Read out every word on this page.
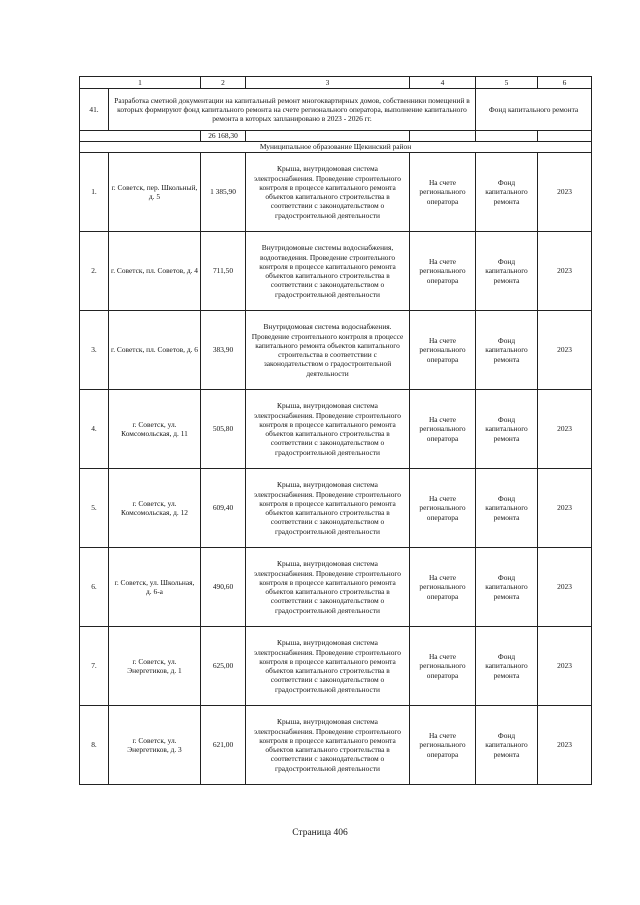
1		2	3	4	5	6
41.	Разработка сметной документации на капитальный ремонт многоквартирных домов, собственники помещений в которых формируют фонд капитального ремонта на счете регионального оператора, выполнение капитального ремонта в которых запланировано в 2023 - 2026 гг.				Фонд капитального ремонта	
		26 168,30				
Муниципальное образование Щекинский район						
1.	г. Советск, пер. Школьный, д. 5	1 385,90	Крыша, внутридомовая система электроснабжения. Проведение строительного контроля в процессе капитального ремонта объектов капитального строительства в соответствии с законодательством о градостроительной деятельности	На счете регионального оператора	Фонд капитального ремонта	2023
2.	г. Советск, пл. Советов, д. 4	711,50	Внутридомовые системы водоснабжения, водоотведения. Проведение строительного контроля в процессе капитального ремонта объектов капитального строительства в соответствии с законодательством о градостроительной деятельности	На счете регионального оператора	Фонд капитального ремонта	2023
3.	г. Советск, пл. Советов, д. 6	383,90	Внутридомовая система водоснабжения. Проведение строительного контроля в процессе капитального ремонта объектов капитального строительства в соответствии с законодательством о градостроительной деятельности	На счете регионального оператора	Фонд капитального ремонта	2023
4.	г. Советск, ул. Комсомольская, д. 11	505,80	Крыша, внутридомовая система электроснабжения. Проведение строительного контроля в процессе капитального ремонта объектов капитального строительства в соответствии с законодательством о градостроительной деятельности	На счете регионального оператора	Фонд капитального ремонта	2023
5.	г. Советск, ул. Комсомольская, д. 12	609,40	Крыша, внутридомовая система электроснабжения. Проведение строительного контроля в процессе капитального ремонта объектов капитального строительства в соответствии с законодательством о градостроительной деятельности	На счете регионального оператора	Фонд капитального ремонта	2023
6.	г. Советск, ул. Школьная, д. 6-а	490,60	Крыша, внутридомовая система электроснабжения. Проведение строительного контроля в процессе капитального ремонта объектов капитального строительства в соответствии с законодательством о градостроительной деятельности	На счете регионального оператора	Фонд капитального ремонта	2023
7.	г. Советск, ул. Энергетиков, д. 1	625,00	Крыша, внутридомовая система электроснабжения. Проведение строительного контроля в процессе капитального ремонта объектов капитального строительства в соответствии с законодательством о градостроительной деятельности	На счете регионального оператора	Фонд капитального ремонта	2023
8.	г. Советск, ул. Энергетиков, д. 3	621,00	Крыша, внутридомовая система электроснабжения. Проведение строительного контроля в процессе капитального ремонта объектов капитального строительства в соответствии с законодательством о градостроительной деятельности	На счете регионального оператора	Фонд капитального ремонта	2023
Страница 406
